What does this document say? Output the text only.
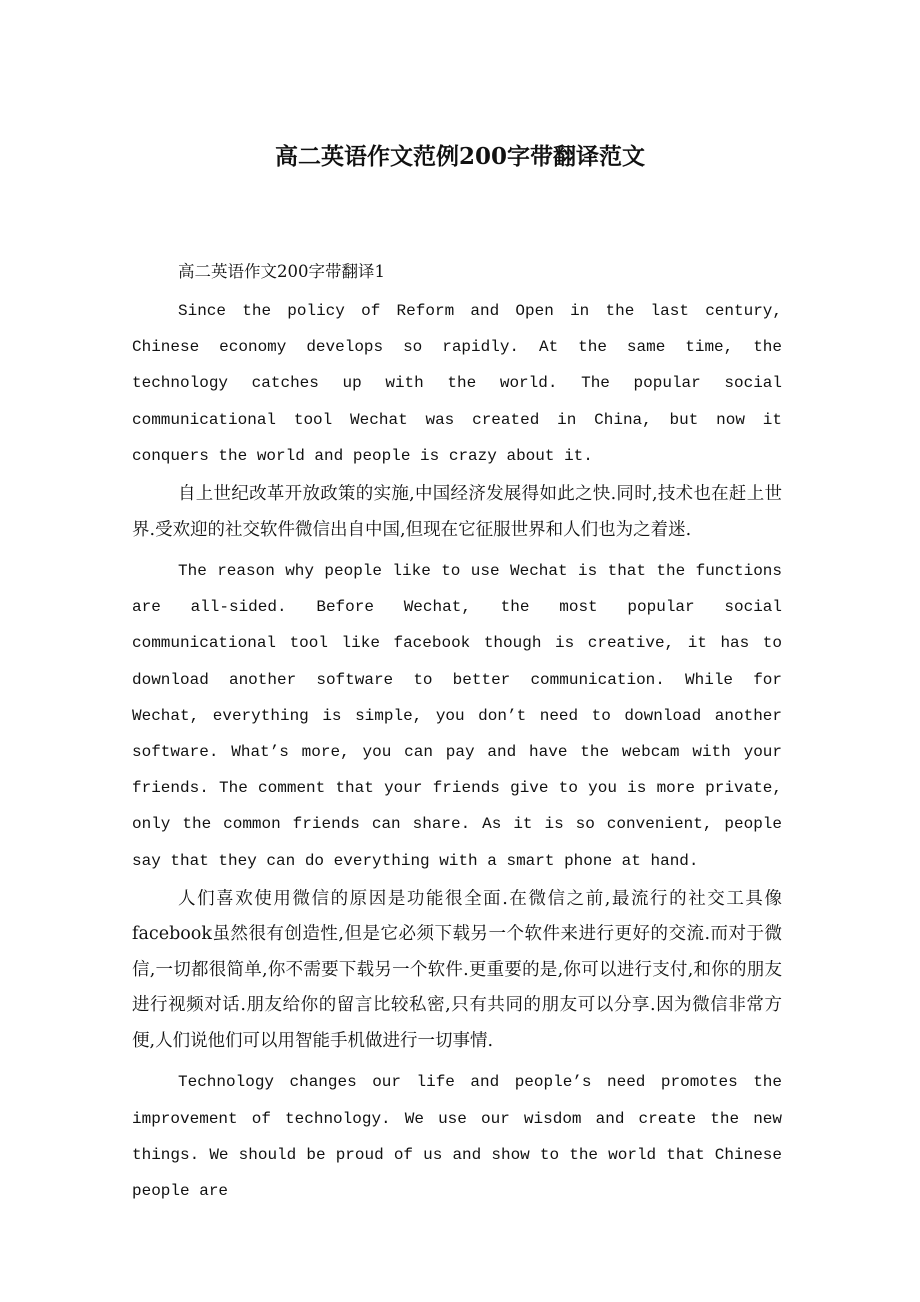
高二英语作文范例200字带翻译范文

高二英语作文200字带翻译1

Since the policy of Reform and Open in the last century, Chinese economy develops so rapidly. At the same time, the technology catches up with the world. The popular social communicational tool Wechat was created in China, but now it conquers the world and people is crazy about it.

自上世纪改革开放政策的实施,中国经济发展得如此之快.同时,技术也在赶上世界.受欢迎的社交软件微信出自中国,但现在它征服世界和人们也为之着迷.

The reason why people like to use Wechat is that the functions are all-sided. Before Wechat, the most popular social communicational tool like facebook though is creative, it has to download another software to better communication. While for Wechat, everything is simple, you don’t need to download another software. What’s more, you can pay and have the webcam with your friends. The comment that your friends give to you is more private, only the common friends can share. As it is so convenient, people say that they can do everything with a smart phone at hand.

人们喜欢使用微信的原因是功能很全面.在微信之前,最流行的社交工具像facebook虽然很有创造性,但是它必须下载另一个软件来进行更好的交流.而对于微信,一切都很简单,你不需要下载另一个软件.更重要的是,你可以进行支付,和你的朋友进行视频对话.朋友给你的留言比较私密,只有共同的朋友可以分享.因为微信非常方便,人们说他们可以用智能手机做进行一切事情.

Technology changes our life and people’s need promotes the improvement of technology. We use our wisdom and create the new things. We should be proud of us and show to the world that Chinese people are
